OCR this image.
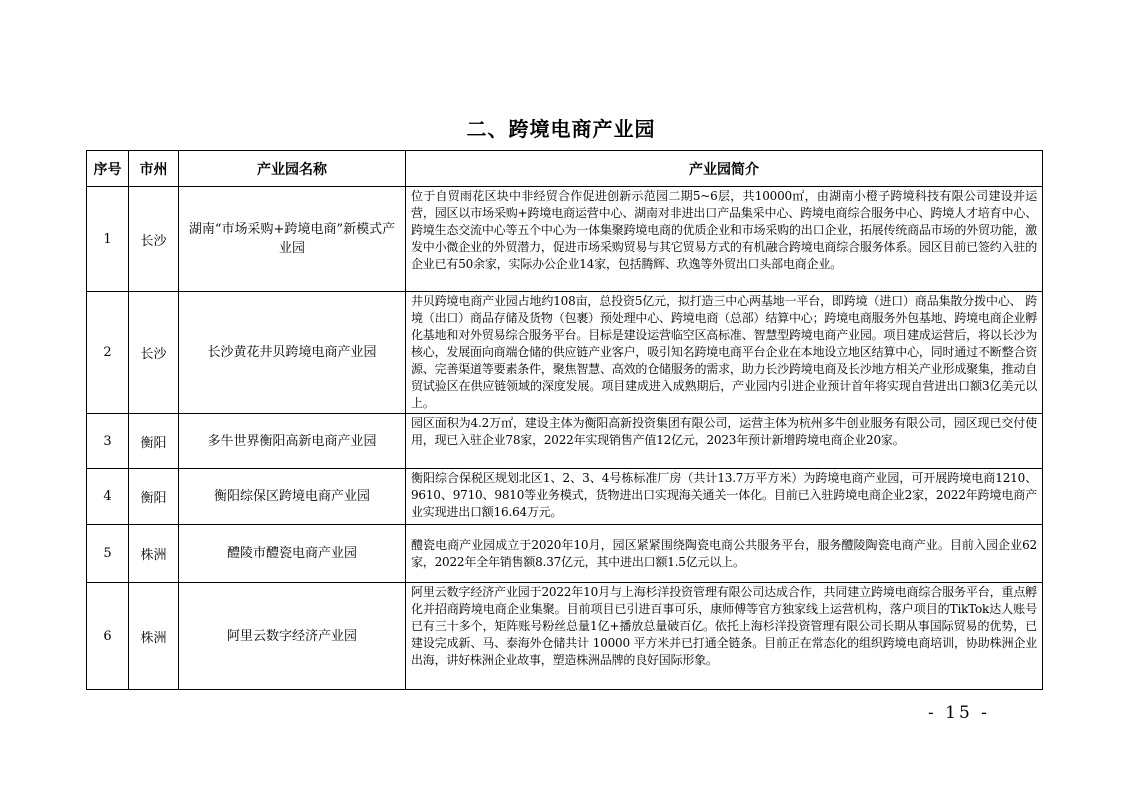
二、跨境电商产业园
序号	市州	产业园名称	产业园简介
1	长沙	湖南“市场采购+跨境电商”新模式产业园	位于自贸雨花区块中非经贸合作促进创新示范园二期5~6层，共10000㎡，由湖南小橙子跨境科技有限公司建设并运营，园区以市场采购+跨境电商运营中心、湖南对非进出口产品集采中心、跨境电商综合服务中心、跨境人才培育中心、跨境生态交流中心等五个中心为一体集聚跨境电商的优质企业和市场采购的出口企业，拓展传统商品市场的外贸功能，激发中小微企业的外贸潜力，促进市场采购贸易与其它贸易方式的有机融合跨境电商综合服务体系。园区目前已签约入驻的企业已有50余家，实际办公企业14家，包括腾辉、玖逸等外贸出口头部电商企业。
2	长沙	长沙黄花井贝跨境电商产业园	井贝跨境电商产业园占地约108亩，总投资5亿元，拟打造三中心两基地一平台，即跨境（进口）商品集散分拨中心、 跨境（出口）商品存储及货物（包裹）预处理中心、跨境电商（总部）结算中心；跨境电商服务外包基地、跨境电商企业孵化基地和对外贸易综合服务平台。目标是建设运营临空区高标准、智慧型跨境电商产业园。项目建成运营后，将以长沙为核心，发展面向商端仓储的供应链产业客户，吸引知名跨境电商平台企业在本地设立地区结算中心，同时通过不断整合资源、完善渠道等要素条件，聚焦智慧、高效的仓储服务的需求，助力长沙跨境电商及长沙地方相关产业形成聚集，推动自贸试验区在供应链领域的深度发展。项目建成进入成熟期后，产业园内引进企业预计首年将实现自营进出口额3亿美元以上。
3	衡阳	多牛世界衡阳高新电商产业园	园区面积为4.2万㎡，建设主体为衡阳高新投资集团有限公司，运营主体为杭州多牛创业服务有限公司，园区现已交付使用，现已入驻企业78家，2022年实现销售产值12亿元，2023年预计新增跨境电商企业20家。
4	衡阳	衡阳综保区跨境电商产业园	衡阳综合保税区规划北区1、2、3、4号栋标准厂房（共计13.7万平方米）为跨境电商产业园，可开展跨境电商1210、9610、9710、9810等业务模式，货物进出口实现海关通关一体化。目前已入驻跨境电商企业2家，2022年跨境电商产业实现进出口额16.64万元。
5	株洲	醴陵市醴瓷电商产业园	醴瓷电商产业园成立于2020年10月，园区紧紧围绕陶瓷电商公共服务平台，服务醴陵陶瓷电商产业。目前入园企业62家，2022年全年销售额8.37亿元，其中进出口额1.5亿元以上。
6	株洲	阿里云数字经济产业园	阿里云数字经济产业园于2022年10月与上海杉洋投资管理有限公司达成合作，共同建立跨境电商综合服务平台，重点孵化并招商跨境电商企业集聚。目前项目已引进百事可乐，康师傅等官方独家线上运营机构，落户项目的TikTok达人账号已有三十多个，矩阵账号粉丝总量1亿+播放总量破百亿。依托上海杉洋投资管理有限公司长期从事国际贸易的优势，已建设完成新、马、泰海外仓储共计 10000 平方米并已打通全链条。目前正在常态化的组织跨境电商培训，协助株洲企业出海，讲好株洲企业故事，塑造株洲品牌的良好国际形象。
- 15 -
